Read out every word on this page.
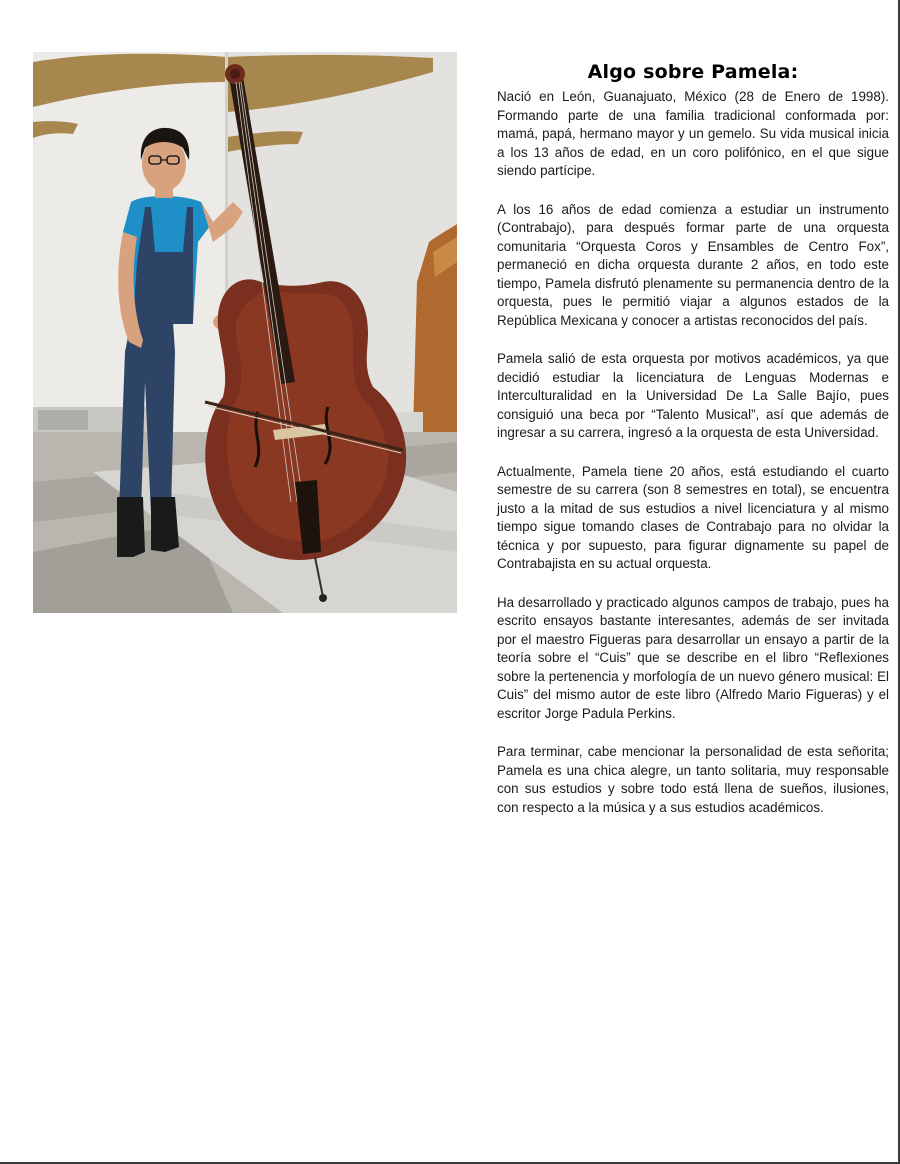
Algo sobre Pamela:

Nació en León, Guanajuato, México (28 de Enero de 1998). Formando parte de una familia tradicional conformada por: mamá, papá, hermano mayor y un gemelo. Su vida musical inicia a los 13 años de edad, en un coro polifónico, en el que sigue siendo partícipe.

A los 16 años de edad comienza a estudiar un instrumento (Contrabajo), para después formar parte de una orquesta comunitaria “Orquesta Coros y Ensambles de Centro Fox”, permaneció en dicha orquesta durante 2 años, en todo este tiempo, Pamela disfrutó plenamente su permanencia dentro de la orquesta, pues le permitió viajar a algunos estados de la República Mexicana y conocer a artistas reconocidos del país.

Pamela salió de esta orquesta por motivos académicos, ya que decidió estudiar la licenciatura de Lenguas Modernas e Interculturalidad en la Universidad De La Salle Bajío, pues consiguió una beca por “Talento Musical”, así que además de ingresar a su carrera, ingresó a la orquesta de esta Universidad.

Actualmente, Pamela tiene 20 años, está estudiando el cuarto semestre de su carrera (son 8 semestres en total), se encuentra justo a la mitad de sus estudios a nivel licenciatura y al mismo tiempo sigue tomando clases de Contrabajo para no olvidar la técnica y por supuesto, para figurar dignamente su papel de Contrabajista en su actual orquesta.

Ha desarrollado y practicado algunos campos de trabajo, pues ha escrito ensayos bastante interesantes, además de ser invitada por el maestro Figueras para desarrollar un ensayo a partir de la teoría sobre el “Cuis” que se describe en el libro “Reflexiones sobre la pertenencia y morfología de un nuevo género musical: El Cuis” del mismo autor de este libro (Alfredo Mario Figueras) y el escritor Jorge Padula Perkins.

Para terminar, cabe mencionar la personalidad de esta señorita; Pamela es una chica alegre, un tanto solitaria, muy responsable con sus estudios y sobre todo está llena de sueños, ilusiones, con respecto a la música y a sus estudios académicos.
